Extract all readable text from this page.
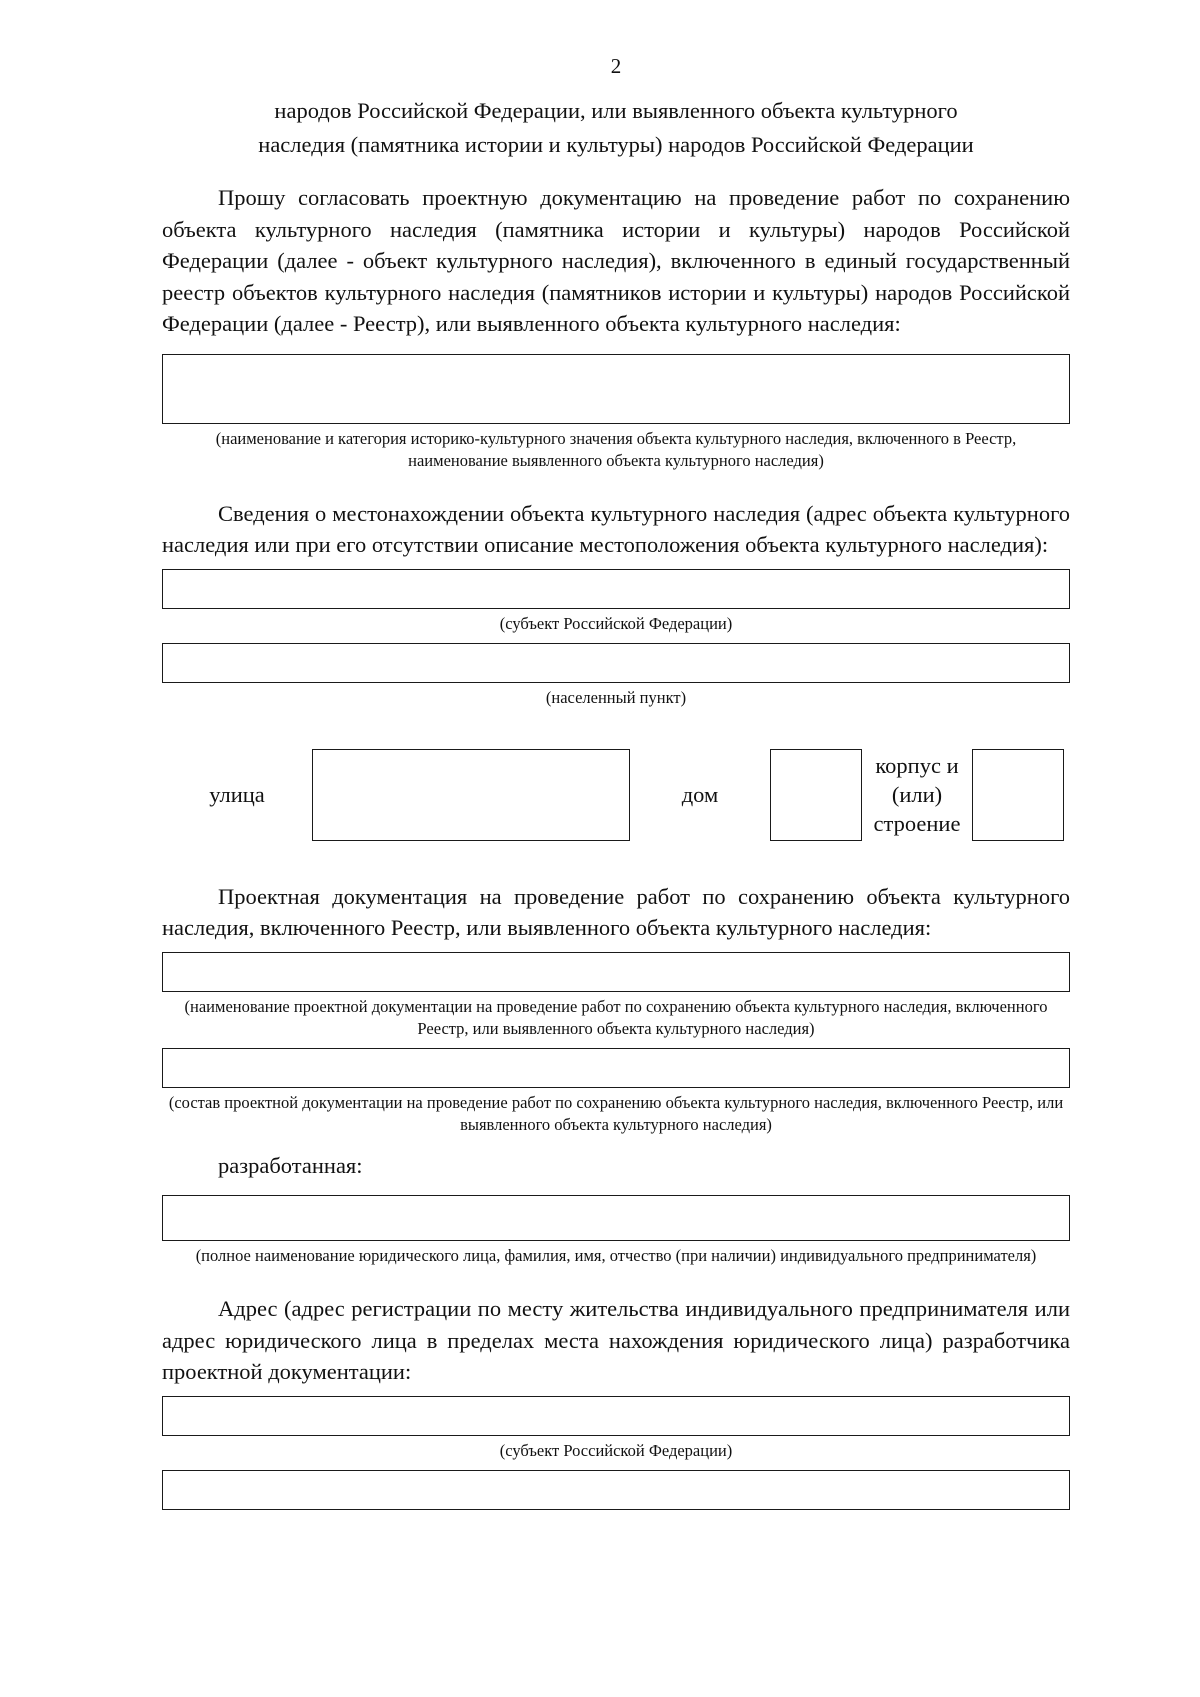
2
народов Российской Федерации, или выявленного объекта культурного
наследия (памятника истории и культуры) народов Российской Федерации

Прошу согласовать проектную документацию на проведение работ по сохранению объекта культурного наследия (памятника истории и культуры) народов Российской Федерации (далее - объект культурного наследия), включенного в единый государственный реестр объектов культурного наследия (памятников истории и культуры) народов Российской Федерации (далее - Реестр), или выявленного объекта культурного наследия:

(наименование и категория историко-культурного значения объекта культурного наследия, включенного в Реестр, наименование выявленного объекта культурного наследия)

Сведения о местонахождении объекта культурного наследия (адрес объекта культурного наследия или при его отсутствии описание местоположения объекта культурного наследия):

(субъект Российской Федерации)

(населенный пункт)

улица	дом
корпус и
(или)
строение

Проектная документация на проведение работ по сохранению объекта культурного наследия, включенного Реестр, или выявленного объекта культурного наследия:

(наименование проектной документации на проведение работ по сохранению объекта культурного наследия, включенного Реестр, или выявленного объекта культурного наследия)

(состав проектной документации на проведение работ по сохранению объекта культурного наследия, включенного Реестр, или выявленного объекта культурного наследия)

разработанная:

(полное наименование юридического лица, фамилия, имя, отчество (при наличии) индивидуального предпринимателя)

Адрес (адрес регистрации по месту жительства индивидуального предпринимателя или адрес юридического лица в пределах места нахождения юридического лица) разработчика проектной документации:

(субъект Российской Федерации)
